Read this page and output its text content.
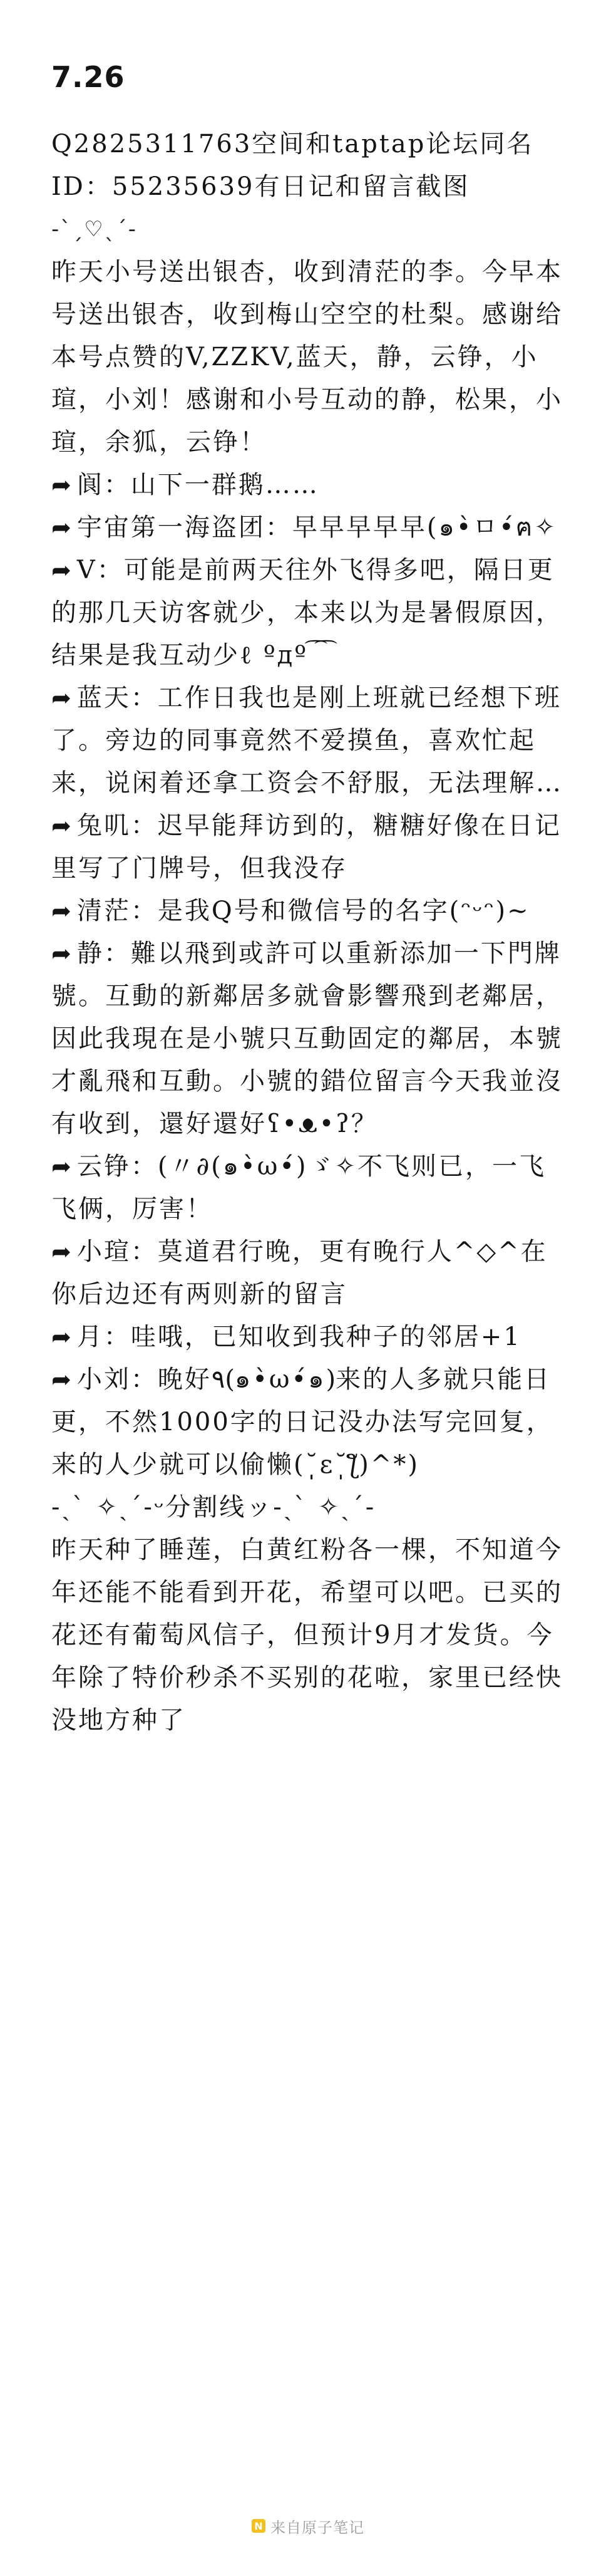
7.26

Q2825311763空间和taptap论坛同名

ID：55235639有日记和留言截图

-ˋˏ♡ˎˊ-

昨天小号送出银杏，收到清茫的李。今早本号送出银杏，收到梅山空空的杜梨。感谢给本号点赞的V,ZZKV,蓝天，静，云铮，小瑄，小刘！感谢和小号互动的静，松果，小瑄，余狐，云铮！

➦ 阆：山下一群鹅……

➦ 宇宙第一海盗团：早早早早早(๑•̀ㅁ•́ฅ✧

➦ V：可能是前两天往外飞得多吧，隔日更的那几天访客就少，本来以为是暑假原因，结果是我互动少ℓ ºдº ͡ ͡

➦ 蓝天：工作日我也是刚上班就已经想下班了。旁边的同事竟然不爱摸鱼，喜欢忙起来，说闲着还拿工资会不舒服，无法理解…

➦ 兔叽：迟早能拜访到的，糖糖好像在日记里写了门牌号，但我没存

➦ 清茫：是我Q号和微信号的名字(ᵔᵕᵔ)~

➦ 静：難以飛到或許可以重新添加一下門牌號。互動的新鄰居多就會影響飛到老鄰居，因此我現在是小號只互動固定的鄰居，本號才亂飛和互動。小號的錯位留言今天我並沒有收到，還好還好ʕ•ᴥ•ʔ？

➦ 云铮：(〃∂(๑•̀ω•́)ゞ✧不飞则已，一飞飞俩，厉害！

➦ 小瑄：莫道君行晚，更有晚行人^◇^在你后边还有两则新的留言

➦ 月：哇哦，已知收到我种子的邻居+1

➦ 小刘：晚好٩(๑•̀ω•́๑)来的人多就只能日更，不然1000字的日记没办法写完回复，来的人少就可以偷懒(˘̩̩̩ε˘̩ƪ)^*)

-ˏˋ ✧ˎˊ-ᵕ分割线ッ-ˏˋ ✧ˎˊ-

昨天种了睡莲，白黄红粉各一棵，不知道今年还能不能看到开花，希望可以吧。已买的花还有葡萄风信子，但预计9月才发货。今年除了特价秒杀不买别的花啦，家里已经快没地方种了

N 来自原子笔记
